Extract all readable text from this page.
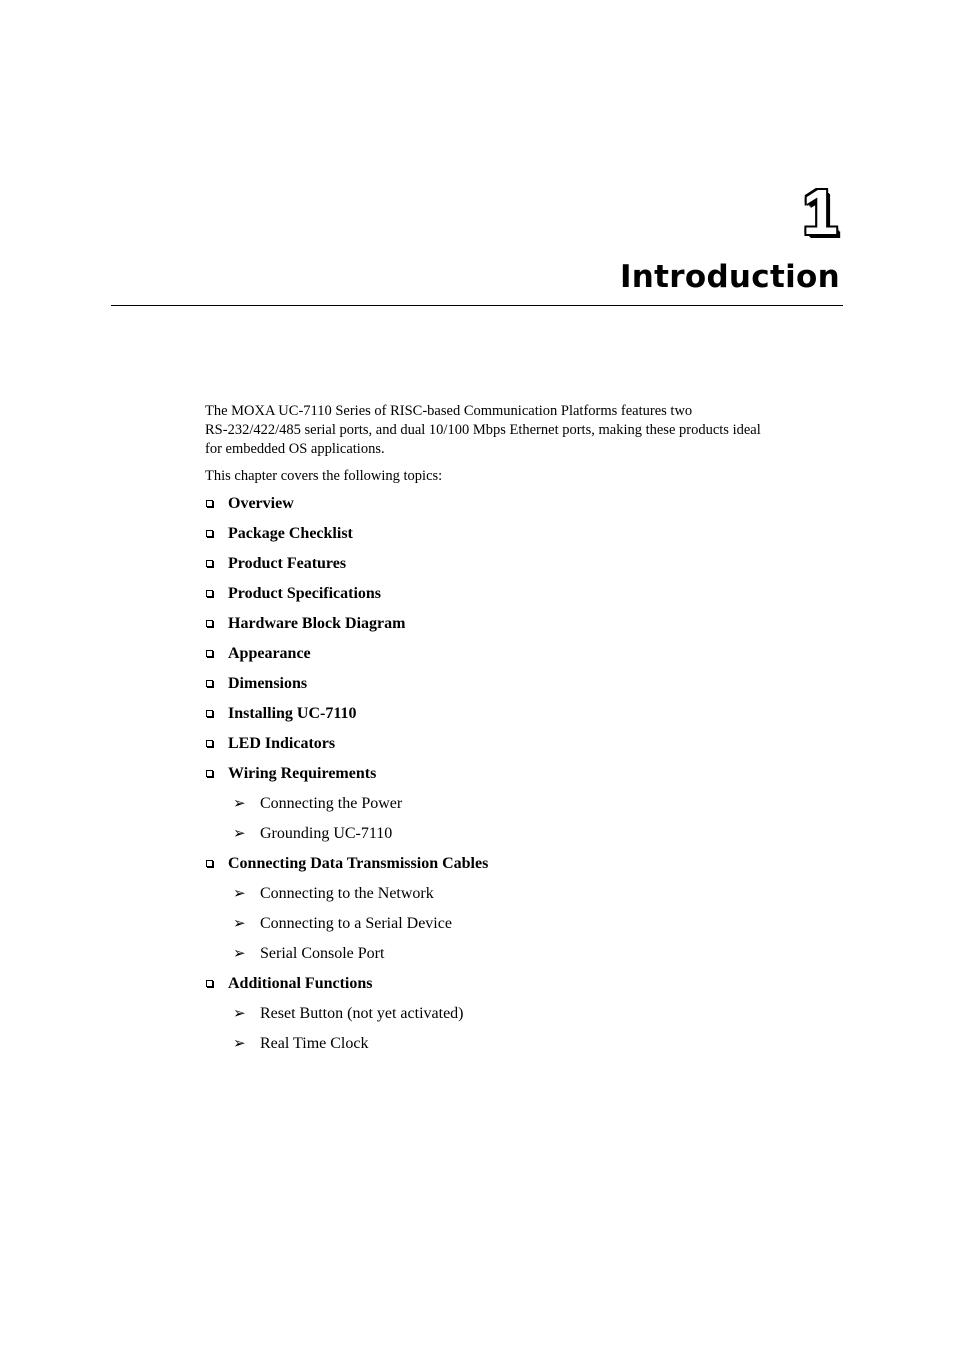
1
Introduction

The MOXA UC-7110 Series of RISC-based Communication Platforms features two
RS-232/422/485 serial ports, and dual 10/100 Mbps Ethernet ports, making these products ideal
for embedded OS applications.

This chapter covers the following topics:

Overview
Package Checklist
Product Features
Product Specifications
Hardware Block Diagram
Appearance
Dimensions
Installing UC-7110
LED Indicators
Wiring Requirements
➢ Connecting the Power
➢ Grounding UC-7110
Connecting Data Transmission Cables
➢ Connecting to the Network
➢ Connecting to a Serial Device
➢ Serial Console Port
Additional Functions
➢ Reset Button (not yet activated)
➢ Real Time Clock
